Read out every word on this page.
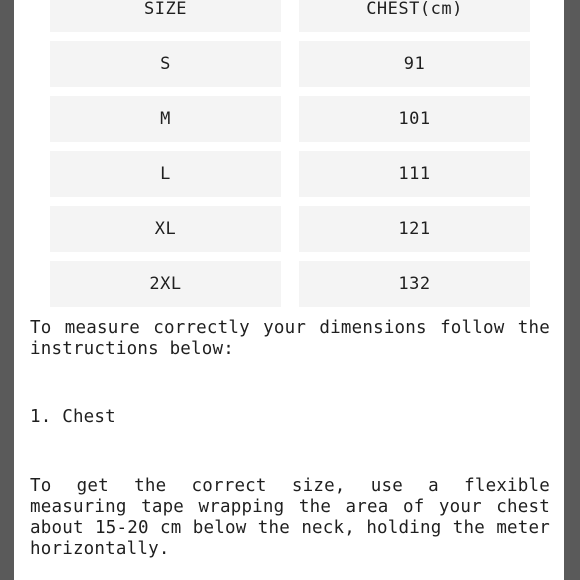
SIZE	CHEST(cm)
S	91
M	101
L	111
XL	121
2XL	132

To measure correctly your dimensions follow the instructions below:

1. Chest

To get the correct size, use a flexible measuring tape wrapping the area of your chest about 15-20 cm below the neck, holding the meter horizontally.
